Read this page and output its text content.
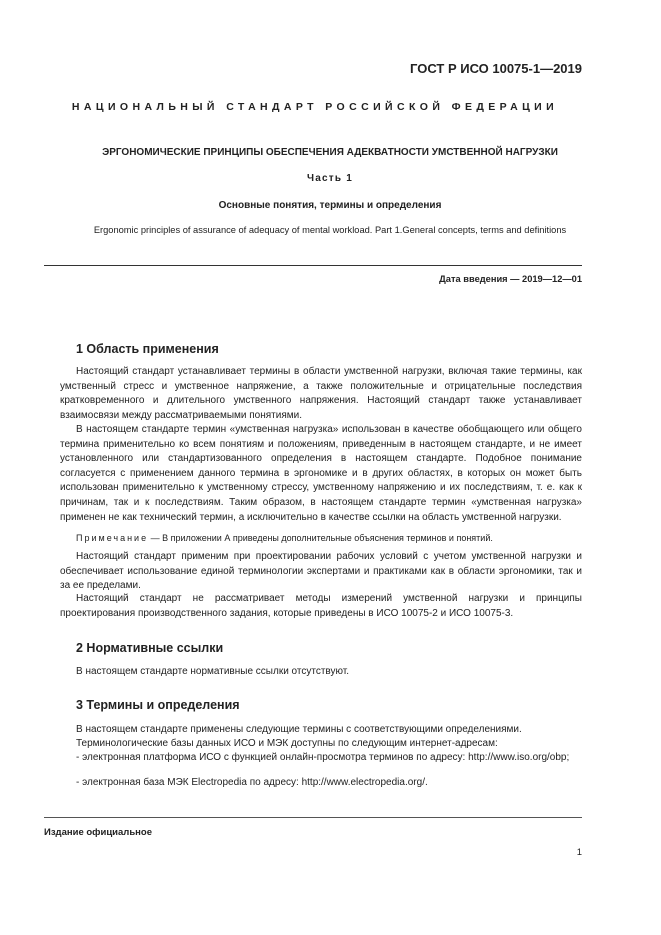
ГОСТ Р ИСО 10075-1—2019
НАЦИОНАЛЬНЫЙ СТАНДАРТ РОССИЙСКОЙ ФЕДЕРАЦИИ
ЭРГОНОМИЧЕСКИЕ ПРИНЦИПЫ ОБЕСПЕЧЕНИЯ АДЕКВАТНОСТИ УМСТВЕННОЙ НАГРУЗКИ
Часть 1
Основные понятия, термины и определения
Ergonomic principles of assurance of adequacy of mental workload. Part 1.General concepts, terms and definitions
Дата введения — 2019—12—01
1 Область применения
Настоящий стандарт устанавливает термины в области умственной нагрузки, включая такие термины, как умственный стресс и умственное напряжение, а также положительные и отрицательные последствия кратковременного и длительного умственного напряжения. Настоящий стандарт также устанавливает взаимосвязи между рассматриваемыми понятиями.
В настоящем стандарте термин «умственная нагрузка» использован в качестве обобщающего или общего термина применительно ко всем понятиям и положениям, приведенным в настоящем стандарте, и не имеет установленного или стандартизованного определения в настоящем стандарте. Подобное понимание согласуется с применением данного термина в эргономике и в других областях, в которых он может быть использован применительно к умственному стрессу, умственному напряжению и их последствиям, т. е. как к причинам, так и к последствиям. Таким образом, в настоящем стандарте термин «умственная нагрузка» применен не как технический термин, а исключительно в качестве ссылки на область умственной нагрузки.
Примечание — В приложении А приведены дополнительные объяснения терминов и понятий.
Настоящий стандарт применим при проектировании рабочих условий с учетом умственной нагрузки и обеспечивает использование единой терминологии экспертами и практиками как в области эргономики, так и за ее пределами.
Настоящий стандарт не рассматривает методы измерений умственной нагрузки и принципы проектирования производственного задания, которые приведены в ИСО 10075-2 и ИСО 10075-3.
2 Нормативные ссылки
В настоящем стандарте нормативные ссылки отсутствуют.
3 Термины и определения
В настоящем стандарте применены следующие термины с соответствующими определениями.
Терминологические базы данных ИСО и МЭК доступны по следующим интернет-адресам:
- электронная платформа ИСО с функцией онлайн-просмотра терминов по адресу: http://www.iso.org/obp;
- электронная база МЭК Electropedia по адресу: http://www.electropedia.org/.
Издание официальное
1
